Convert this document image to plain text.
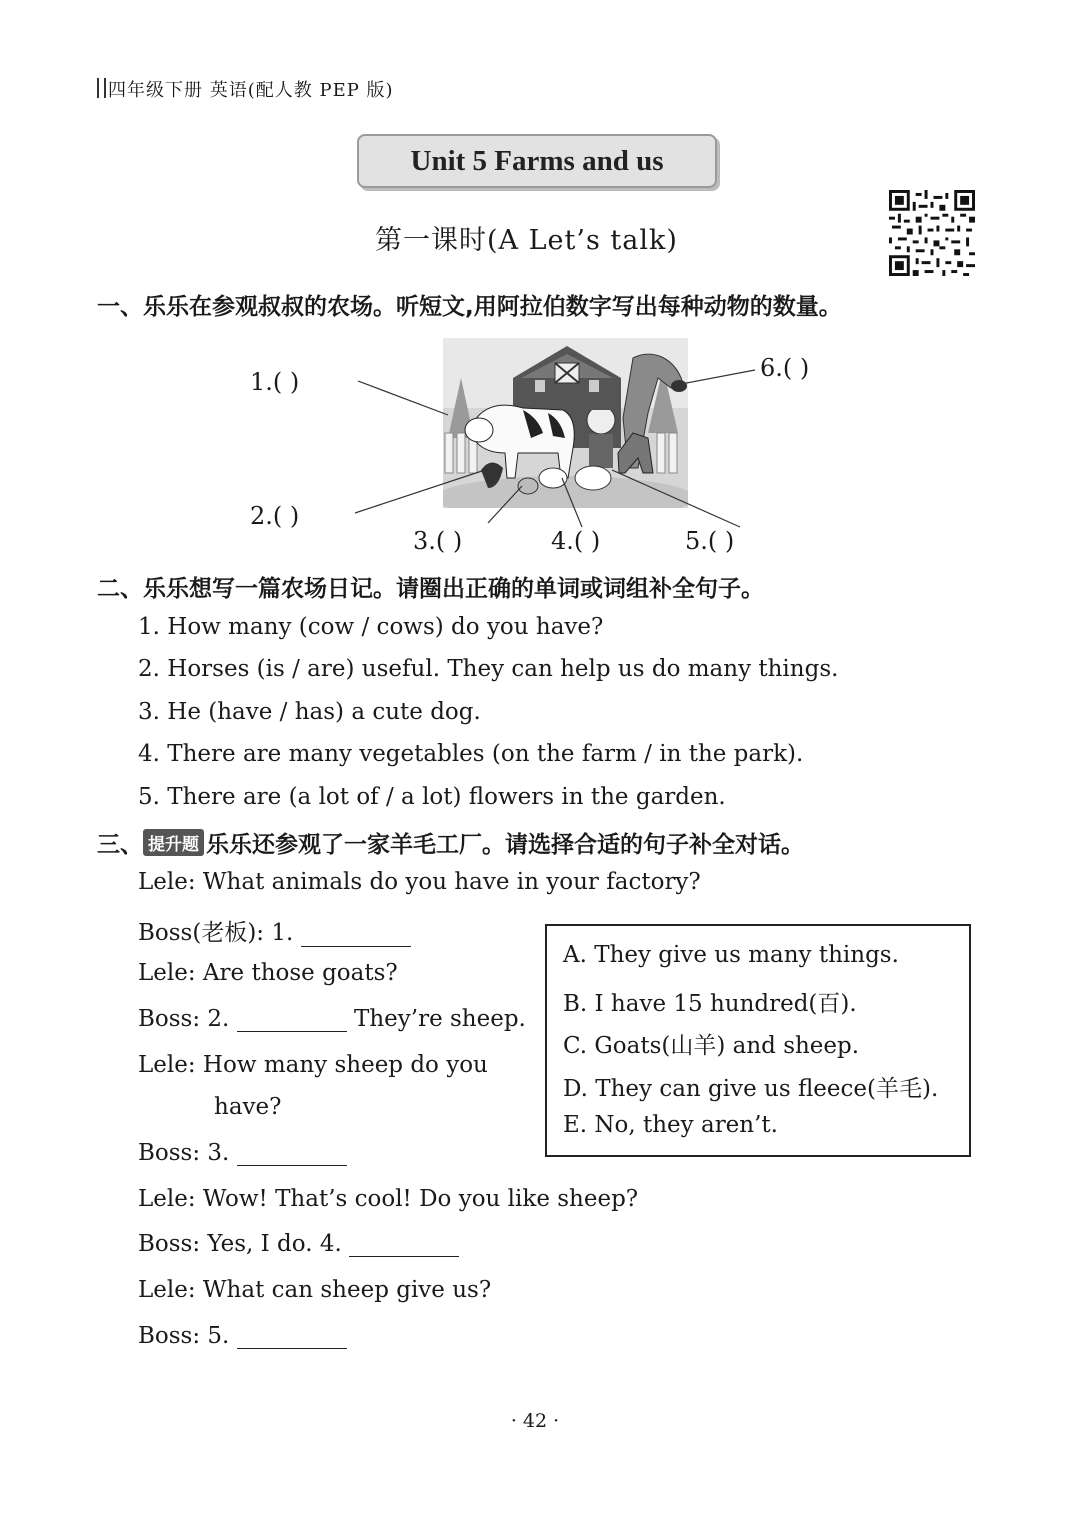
四年级下册 英语(配人教 PEP 版)
Unit 5 Farms and us
第一课时(A Let’s talk)
一、乐乐在参观叔叔的农场。听短文,用阿拉伯数字写出每种动物的数量。
1.( )
2.( )
3.( )	4.( )	5.( )
6.( )
二、乐乐想写一篇农场日记。请圈出正确的单词或词组补全句子。
1. How many (cow / cows) do you have?
2. Horses (is / are) useful. They can help us do many things.
3. He (have / has) a cute dog.
4. There are many vegetables (on the farm / in the park).
5. There are (a lot of / a lot) flowers in the garden.
三、 提升题 乐乐还参观了一家羊毛工厂。请选择合适的句子补全对话。
Lele: What animals do you have in your factory?
Boss(老板): 1.
Lele: Are those goats?
Boss: 2.	They’re sheep.
Lele: How many sheep do you
have?
Boss: 3.
Lele: Wow! That’s cool! Do you like sheep?
Boss: Yes, I do. 4.
Lele: What can sheep give us?
Boss: 5.
A. They give us many things.
B. I have 15 hundred(百).
C. Goats(山羊) and sheep.
D. They can give us fleece(羊毛).
E. No, they aren’t.
· 42 ·
